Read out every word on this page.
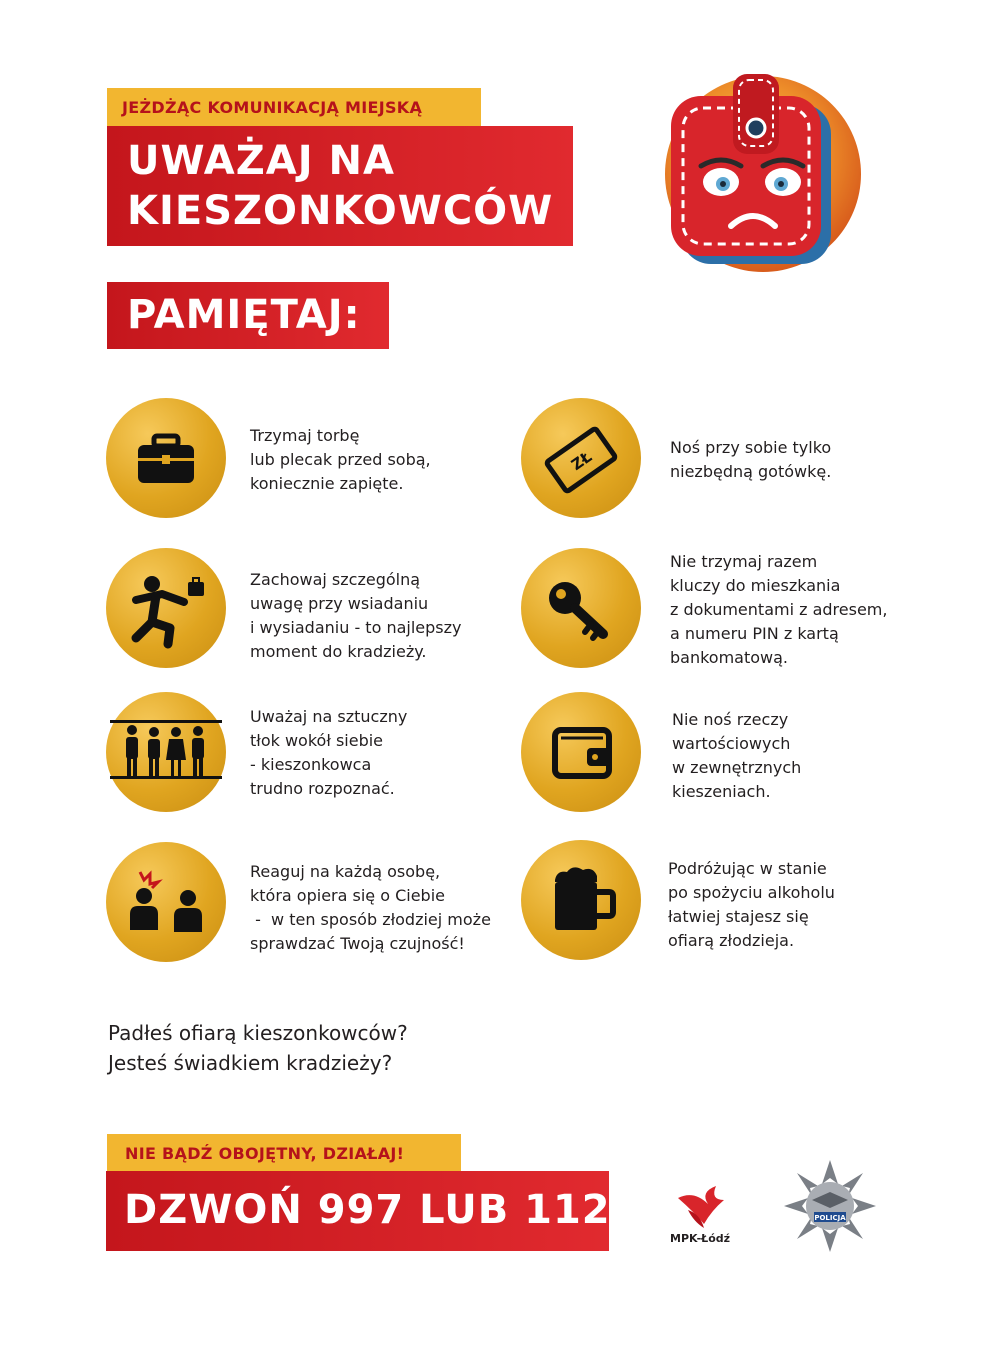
JEŻDŻĄC KOMUNIKACJĄ MIEJSKĄ
UWAŻAJ NA
KIESZONKOWCÓW
PAMIĘTAJ:
Trzymaj torbę
lub plecak przed sobą,
koniecznie zapięte.
Zachowaj szczególną
uwagę przy wsiadaniu
i wysiadaniu - to najlepszy
moment do kradzieży.
Uważaj na sztuczny
tłok wokół siebie
- kieszonkowca
trudno rozpoznać.
Reaguj na każdą osobę,
która opiera się o Ciebie
-  w ten sposób złodziej może
sprawdzać Twoją czujność!
ZŁ
Noś przy sobie tylko
niezbędną gotówkę.
Nie trzymaj razem
kluczy do mieszkania
z dokumentami z adresem,
a numeru PIN z kartą
bankomatową.
Nie noś rzeczy
wartościowych
w zewnętrznych
kieszeniach.
Podróżując w stanie
po spożyciu alkoholu
łatwiej stajesz się
ofiarą złodzieja.
Padłeś ofiarą kieszonkowców?
Jesteś świadkiem kradzieży?
NIE BĄDŹ OBOJĘTNY, DZIAŁAJ!
DZWOŃ 997 LUB 112
MPK-Łódź
POLICJA
